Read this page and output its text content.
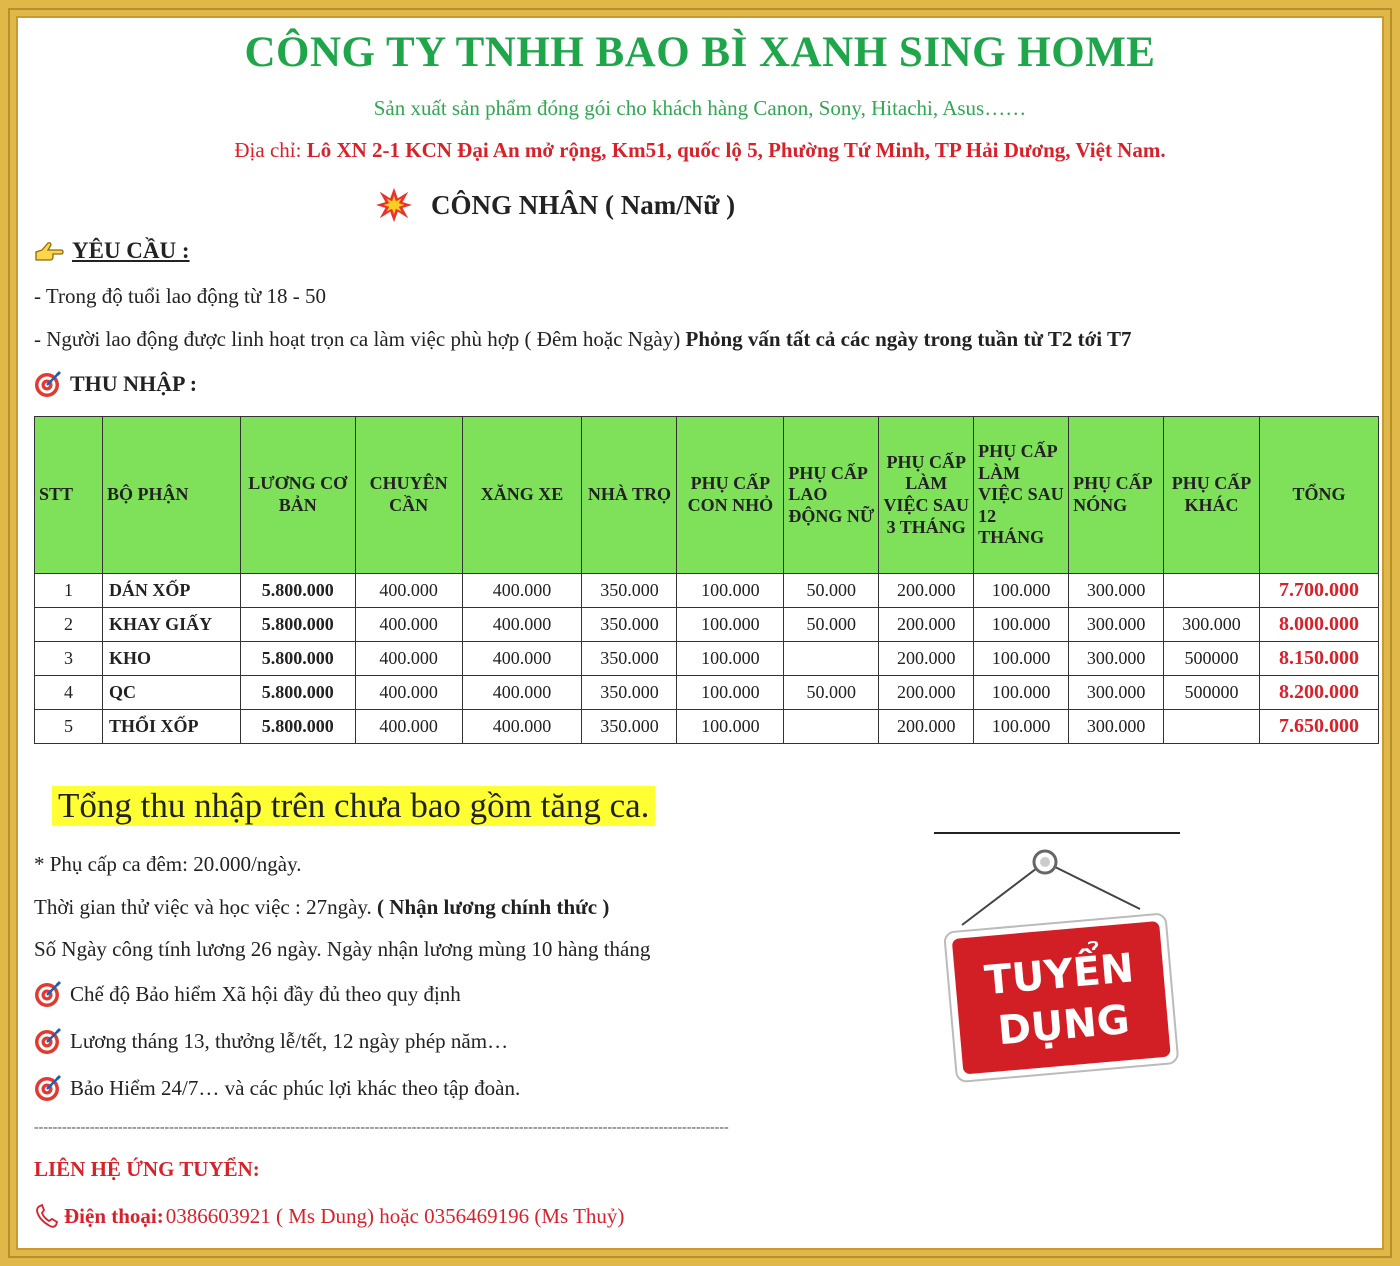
CÔNG TY TNHH BAO BÌ XANH SING HOME
Sản xuất sản phẩm đóng gói cho khách hàng Canon, Sony, Hitachi, Asus……
Địa chỉ: Lô XN 2-1 KCN Đại An mở rộng, Km51, quốc lộ 5, Phường Tứ Minh, TP Hải Dương, Việt Nam.
CÔNG NHÂN ( Nam/Nữ )
YÊU CẦU :
- Trong độ tuổi lao động từ 18 - 50
- Người lao động được linh hoạt trọn ca làm việc phù hợp ( Đêm hoặc Ngày) Phỏng vấn tất cả các ngày trong tuần từ T2 tới T7
THU NHẬP :
STT	BỘ PHẬN	LƯƠNG CƠ BẢN	CHUYÊN CẦN	XĂNG XE	NHÀ TRỌ	PHỤ CẤP CON NHỎ	PHỤ CẤP LAO ĐỘNG NỮ	PHỤ CẤP LÀM VIỆC SAU 3 THÁNG	PHỤ CẤP LÀM VIỆC SAU 12 THÁNG	PHỤ CẤP NÓNG	PHỤ CẤP KHÁC	TỔNG
1	DÁN XỐP	5.800.000	400.000	400.000	350.000	100.000	50.000	200.000	100.000	300.000		7.700.000
2	KHAY GIẤY	5.800.000	400.000	400.000	350.000	100.000	50.000	200.000	100.000	300.000	300.000	8.000.000
3	KHO	5.800.000	400.000	400.000	350.000	100.000		200.000	100.000	300.000	500000	8.150.000
4	QC	5.800.000	400.000	400.000	350.000	100.000	50.000	200.000	100.000	300.000	500000	8.200.000
5	THỔI XỐP	5.800.000	400.000	400.000	350.000	100.000		200.000	100.000	300.000		7.650.000
Tổng thu nhập trên chưa bao gồm tăng ca.
* Phụ cấp ca đêm: 20.000/ngày.
Thời gian thử việc và học việc : 27ngày. ( Nhận lương chính thức )
Số Ngày công tính lương 26 ngày. Ngày nhận lương mùng 10 hàng tháng
Chế độ Bảo hiểm Xã hội đầy đủ theo quy định
Lương tháng 13, thưởng lễ/tết, 12 ngày phép năm…
Bảo Hiểm 24/7… và các phúc lợi khác theo tập đoàn.
-----------------------------------------------------------------------------------------------------------------------------------------------------
LIÊN HỆ ỨNG TUYỂN:
Điện thoại: 0386603921 ( Ms Dung) hoặc 0356469196 (Ms Thuỷ)
TUYỂN
DỤNG
